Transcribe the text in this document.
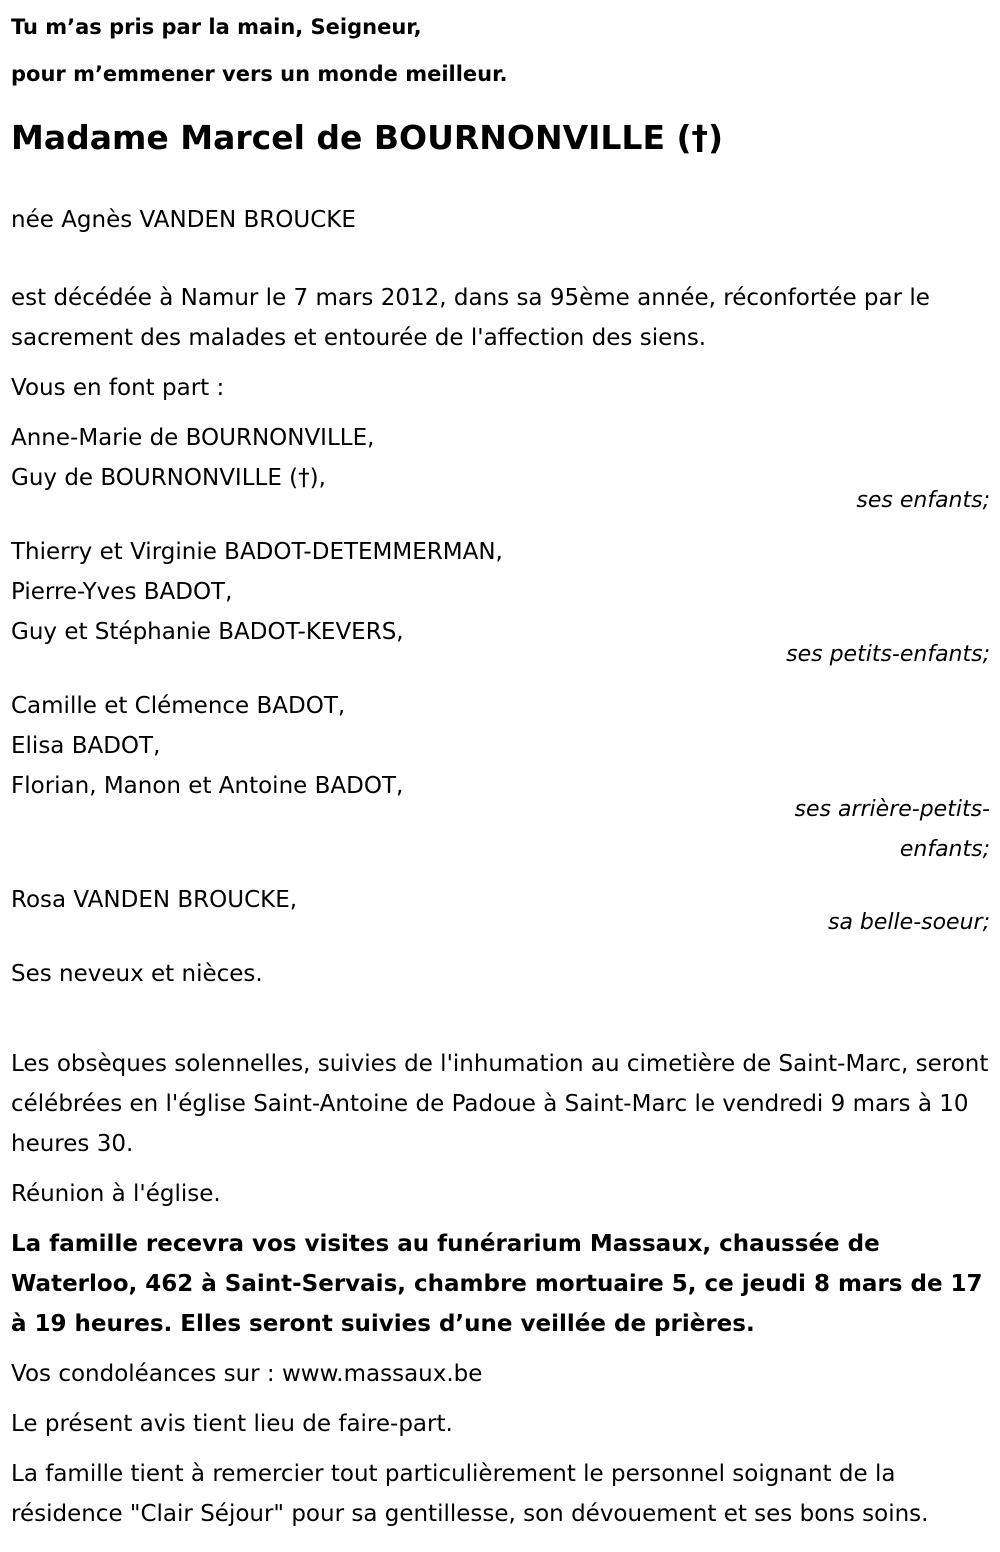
Tu m’as pris par la main, Seigneur,
pour m’emmener vers un monde meilleur.
Madame Marcel de BOURNONVILLE (†)
née Agnès VANDEN BROUCKE
est décédée à Namur le 7 mars 2012, dans sa 95ème année, réconfortée par le sacrement des malades et entourée de l'affection des siens.
Vous en font part :
Anne-Marie de BOURNONVILLE,
Guy de BOURNONVILLE (†),
ses enfants;
Thierry et Virginie BADOT-DETEMMERMAN,
Pierre-Yves BADOT,
Guy et Stéphanie BADOT-KEVERS,
ses petits-enfants;
Camille et Clémence BADOT,
Elisa BADOT,
Florian, Manon et Antoine BADOT,
ses arrière-petits-enfants;
Rosa VANDEN BROUCKE,
sa belle-soeur;
Ses neveux et nièces.
Les obsèques solennelles, suivies de l'inhumation au cimetière de Saint-Marc, seront célébrées en l'église Saint-Antoine de Padoue à Saint-Marc le vendredi 9 mars à 10 heures 30.
Réunion à l'église.
La famille recevra vos visites au funérarium Massaux, chaussée de Waterloo, 462 à Saint-Servais, chambre mortuaire 5, ce jeudi 8 mars de 17 à 19 heures. Elles seront suivies d’une veillée de prières.
Vos condoléances sur : www.massaux.be
Le présent avis tient lieu de faire-part.
La famille tient à remercier tout particulièrement le personnel soignant de la résidence "Clair Séjour" pour sa gentillesse, son dévouement et ses bons soins.
